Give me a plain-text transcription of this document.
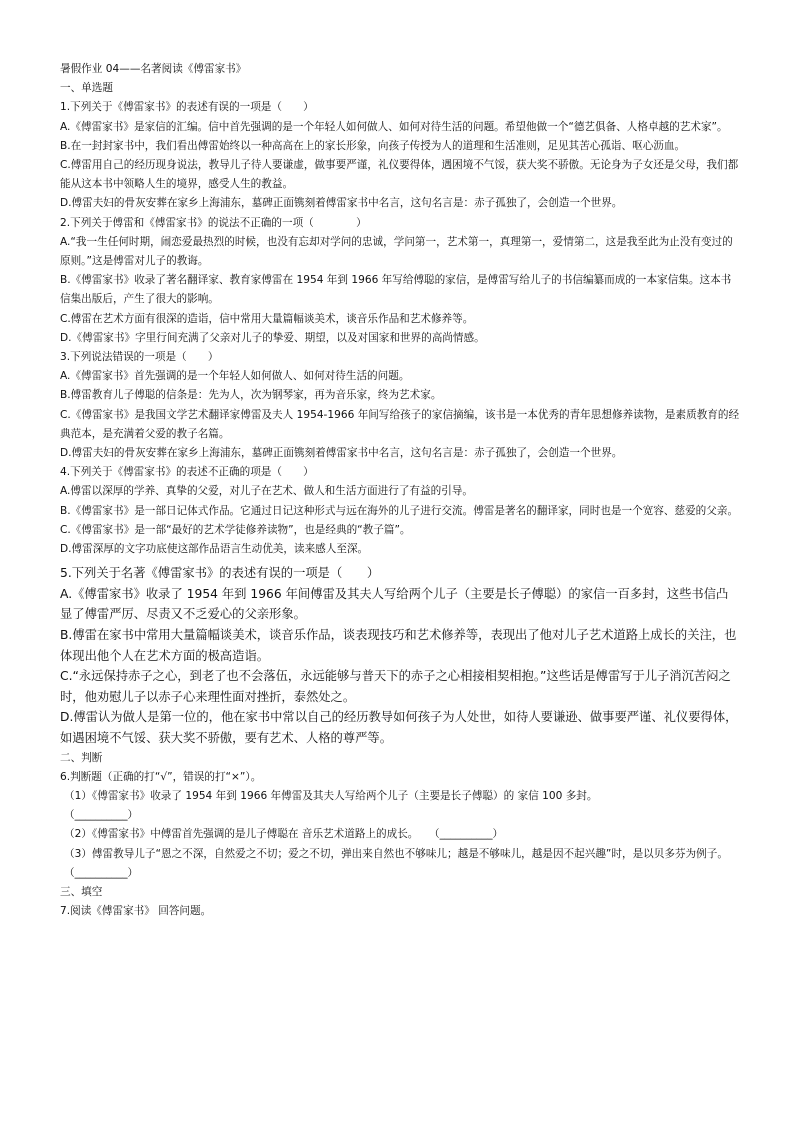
暑假作业 04——名著阅读《傅雷家书》
一、单选题
1.下列关于《傅雷家书》的表述有误的一项是（　　）
A.《傅雷家书》是家信的汇编。信中首先强调的是一个年轻人如何做人、如何对待生活的问题。希望他做一个“德艺俱备、人格卓越的艺术家”。
B.在一封封家书中，我们看出傅雷始终以一种高高在上的家长形象，向孩子传授为人的道理和生活准则，足见其苦心孤诣、呕心沥血。
C.傅雷用自己的经历现身说法，教导儿子待人要谦虚，做事要严谨，礼仪要得体，遇困境不气馁，获大奖不骄傲。无论身为子女还是父母，我们都能从这本书中领略人生的境界，感受人生的教益。
D.傅雷夫妇的骨灰安葬在家乡上海浦东，墓碑正面镌刻着傅雷家书中名言，这句名言是：赤子孤独了，会创造一个世界。
2.下列关于傅雷和《傅雷家书》的说法不正确的一项（　　　　）
A.“我一生任何时期，闹恋爱最热烈的时候，也没有忘却对学问的忠诚，学问第一，艺术第一，真理第一，爱情第二，这是我至此为止没有变过的原则。”这是傅雷对儿子的教诲。
B.《傅雷家书》收录了著名翻译家、教育家傅雷在 1954 年到 1966 年写给傅聪的家信，是傅雷写给儿子的书信编纂而成的一本家信集。这本书信集出版后，产生了很大的影响。
C.傅雷在艺术方面有很深的造诣，信中常用大量篇幅谈美术，谈音乐作品和艺术修养等。
D.《傅雷家书》字里行间充满了父亲对儿子的挚爱、期望，以及对国家和世界的高尚情感。
3.下列说法错误的一项是（　　）
A.《傅雷家书》首先强调的是一个年轻人如何做人、如何对待生活的问题。
B.傅雷教育儿子傅聪的信条是：先为人，次为钢琴家，再为音乐家，终为艺术家。
C.《傅雷家书》是我国文学艺术翻译家傅雷及夫人 1954-1966 年间写给孩子的家信摘编，该书是一本优秀的青年思想修养读物，是素质教育的经典范本，是充满着父爱的教子名篇。
D.傅雷夫妇的骨灰安葬在家乡上海浦东，墓碑正面镌刻着傅雷家书中名言，这句名言是：赤子孤独了，会创造一个世界。
4.下列关于《傅雷家书》的表述不正确的项是（　　）
A.傅雷以深厚的学养、真挚的父爱，对儿子在艺术、做人和生活方面进行了有益的引导。
B.《傅雷家书》是一部日记体式作品。它通过日记这种形式与远在海外的儿子进行交流。傅雷是著名的翻译家，同时也是一个宽容、慈爱的父亲。
C.《傅雷家书》是一部“最好的艺术学徒修养读物”，也是经典的“教子篇”。
D.傅雷深厚的文字功底使这部作品语言生动优美，读来感人至深。
5.下列关于名著《傅雷家书》的表述有误的一项是（　　）
A.《傅雷家书》收录了 1954 年到 1966 年间傅雷及其夫人写给两个儿子（主要是长子傅聪）的家信一百多封，这些书信凸显了傅雷严厉、尽责又不乏爱心的父亲形象。
B.傅雷在家书中常用大量篇幅谈美术，谈音乐作品，谈表现技巧和艺术修养等，表现出了他对儿子艺术道路上成长的关注，也体现出他个人在艺术方面的极高造诣。
C.“永远保持赤子之心，到老了也不会落伍，永远能够与普天下的赤子之心相接相契相抱。”这些话是傅雷写于儿子消沉苦闷之时，他劝慰儿子以赤子心来理性面对挫折，泰然处之。
D.傅雷认为做人是第一位的，他在家书中常以自己的经历教导如何孩子为人处世，如待人要谦逊、做事要严谨、礼仪要得体，如遇困境不气馁、获大奖不骄傲，要有艺术、人格的尊严等。
二、判断
6.判断题（正确的打“√”，错误的打“×”）。
（1）《傅雷家书》收录了 1954 年到 1966 年傅雷及其夫人写给两个儿子（主要是长子傅聪）的 家信 100 多封。
（__________）
（2）《傅雷家书》中傅雷首先强调的是儿子傅聪在 音乐艺术道路上的成长。　　（__________）
（3）傅雷教导儿子“恩之不深，自然爱之不切；爱之不切，弹出来自然也不够味儿；越是不够味儿，越是因不起兴趣”时，是以贝多芬为例子。　　（__________）
三、填空
7.阅读《傅雷家书》 回答问题。
